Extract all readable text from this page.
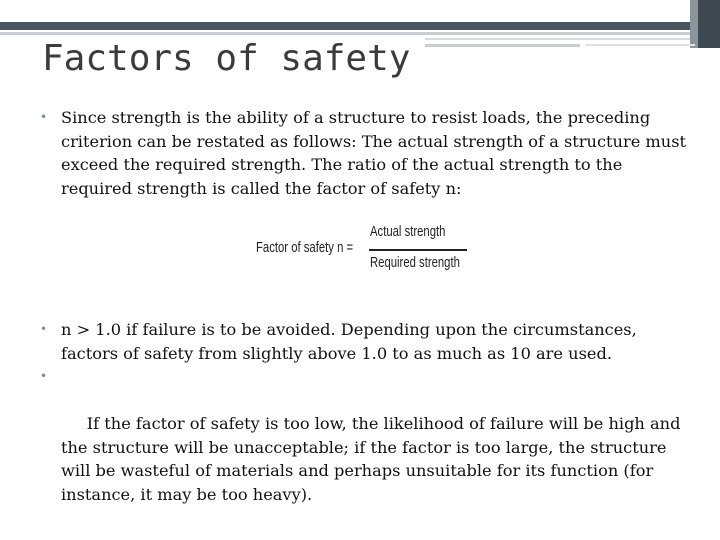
Factors of safety
• Since strength is the ability of a structure to resist loads, the preceding criterion can be restated as follows: The actual strength of a structure must exceed the required strength. The ratio of the actual strength to the required strength is called the factor of safety n:
Factor of safety n =
Actual strength
Required strength
• n > 1.0 if failure is to be avoided. Depending upon the circumstances, factors of safety from slightly above 1.0 to as much as 10 are used.

•

If the factor of safety is too low, the likelihood of failure will be high and the structure will be unacceptable; if the factor is too large, the structure will be wasteful of materials and perhaps unsuitable for its function (for instance, it may be too heavy).
